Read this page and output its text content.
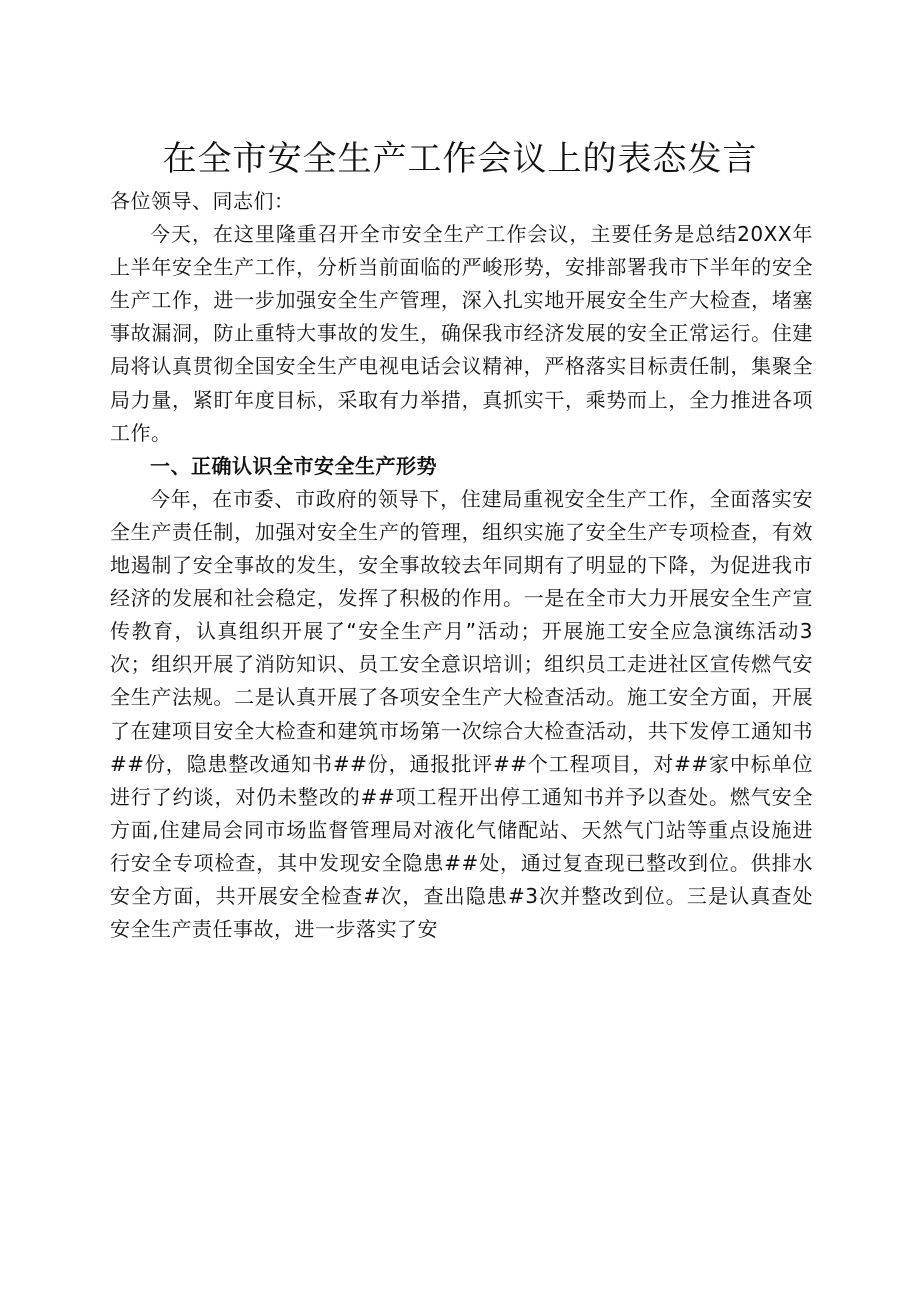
在全市安全生产工作会议上的表态发言

各位领导、同志们：

今天，在这里隆重召开全市安全生产工作会议，主要任务是总结20XX年上半年安全生产工作，分析当前面临的严峻形势，安排部署我市下半年的安全生产工作，进一步加强安全生产管理，深入扎实地开展安全生产大检查，堵塞事故漏洞，防止重特大事故的发生，确保我市经济发展的安全正常运行。住建局将认真贯彻全国安全生产电视电话会议精神，严格落实目标责任制，集聚全局力量，紧盯年度目标，采取有力举措，真抓实干，乘势而上，全力推进各项工作。

一、正确认识全市安全生产形势

今年，在市委、市政府的领导下，住建局重视安全生产工作，全面落实安全生产责任制，加强对安全生产的管理，组织实施了安全生产专项检查，有效地遏制了安全事故的发生，安全事故较去年同期有了明显的下降，为促进我市经济的发展和社会稳定，发挥了积极的作用。一是在全市大力开展安全生产宣传教育，认真组织开展了“安全生产月”活动；开展施工安全应急演练活动3次；组织开展了消防知识、员工安全意识培训；组织员工走进社区宣传燃气安全生产法规。二是认真开展了各项安全生产大检查活动。施工安全方面，开展了在建项目安全大检查和建筑市场第一次综合大检查活动，共下发停工通知书##份，隐患整改通知书##份，通报批评##个工程项目，对##家中标单位进行了约谈，对仍未整改的##项工程开出停工通知书并予以查处。燃气安全方面,住建局会同市场监督管理局对液化气储配站、天然气门站等重点设施进行安全专项检查，其中发现安全隐患##处，通过复查现已整改到位。供排水安全方面，共开展安全检查#次，查出隐患#3次并整改到位。三是认真查处安全生产责任事故，进一步落实了安
